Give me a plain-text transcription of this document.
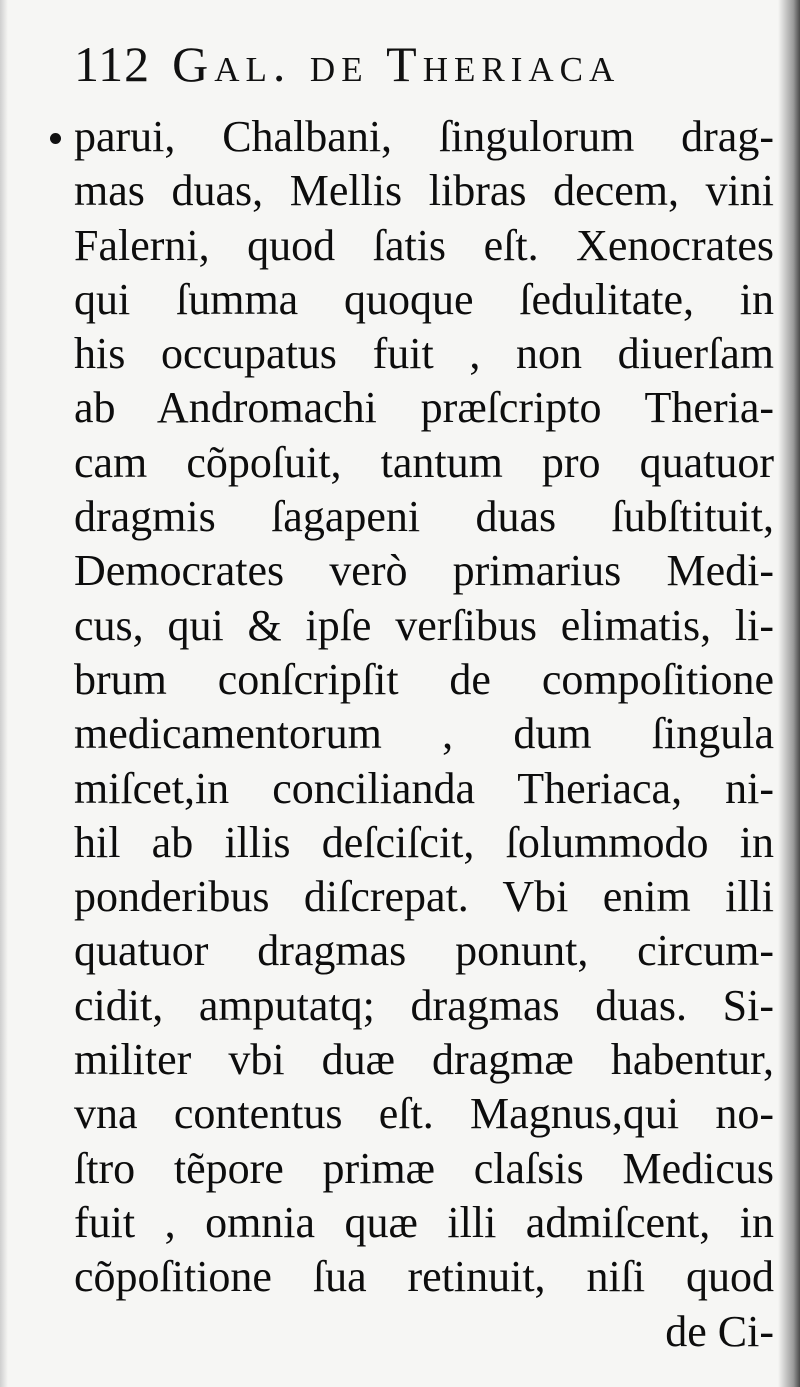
112 Gal. de Theriaca
parui, Chalbani, ſingulorum drag-
mas duas, Mellis libras decem, vini
Falerni, quod ſatis eſt. Xenocrates
qui ſumma quoque ſedulitate, in
his occupatus fuit , non diuerſam
ab Andromachi præſcripto Theria-
cam cõpoſuit, tantum pro quatuor
dragmis ſagapeni duas ſubſtituit,
Democrates verò primarius Medi-
cus, qui & ipſe verſibus elimatis, li-
brum conſcripſit de compoſitione
medicamentorum , dum ſingula
miſcet,in concilianda Theriaca, ni-
hil ab illis deſciſcit, ſolummodo in
ponderibus diſcrepat. Vbi enim illi
quatuor dragmas ponunt, circum-
cidit, amputatq; dragmas duas. Si-
militer vbi duæ dragmæ habentur,
vna contentus eſt. Magnus,qui no-
ſtro tẽpore primæ claſsis Medicus
fuit , omnia quæ illi admiſcent, in
cõpoſitione ſua retinuit, niſi quod
de Ci-
